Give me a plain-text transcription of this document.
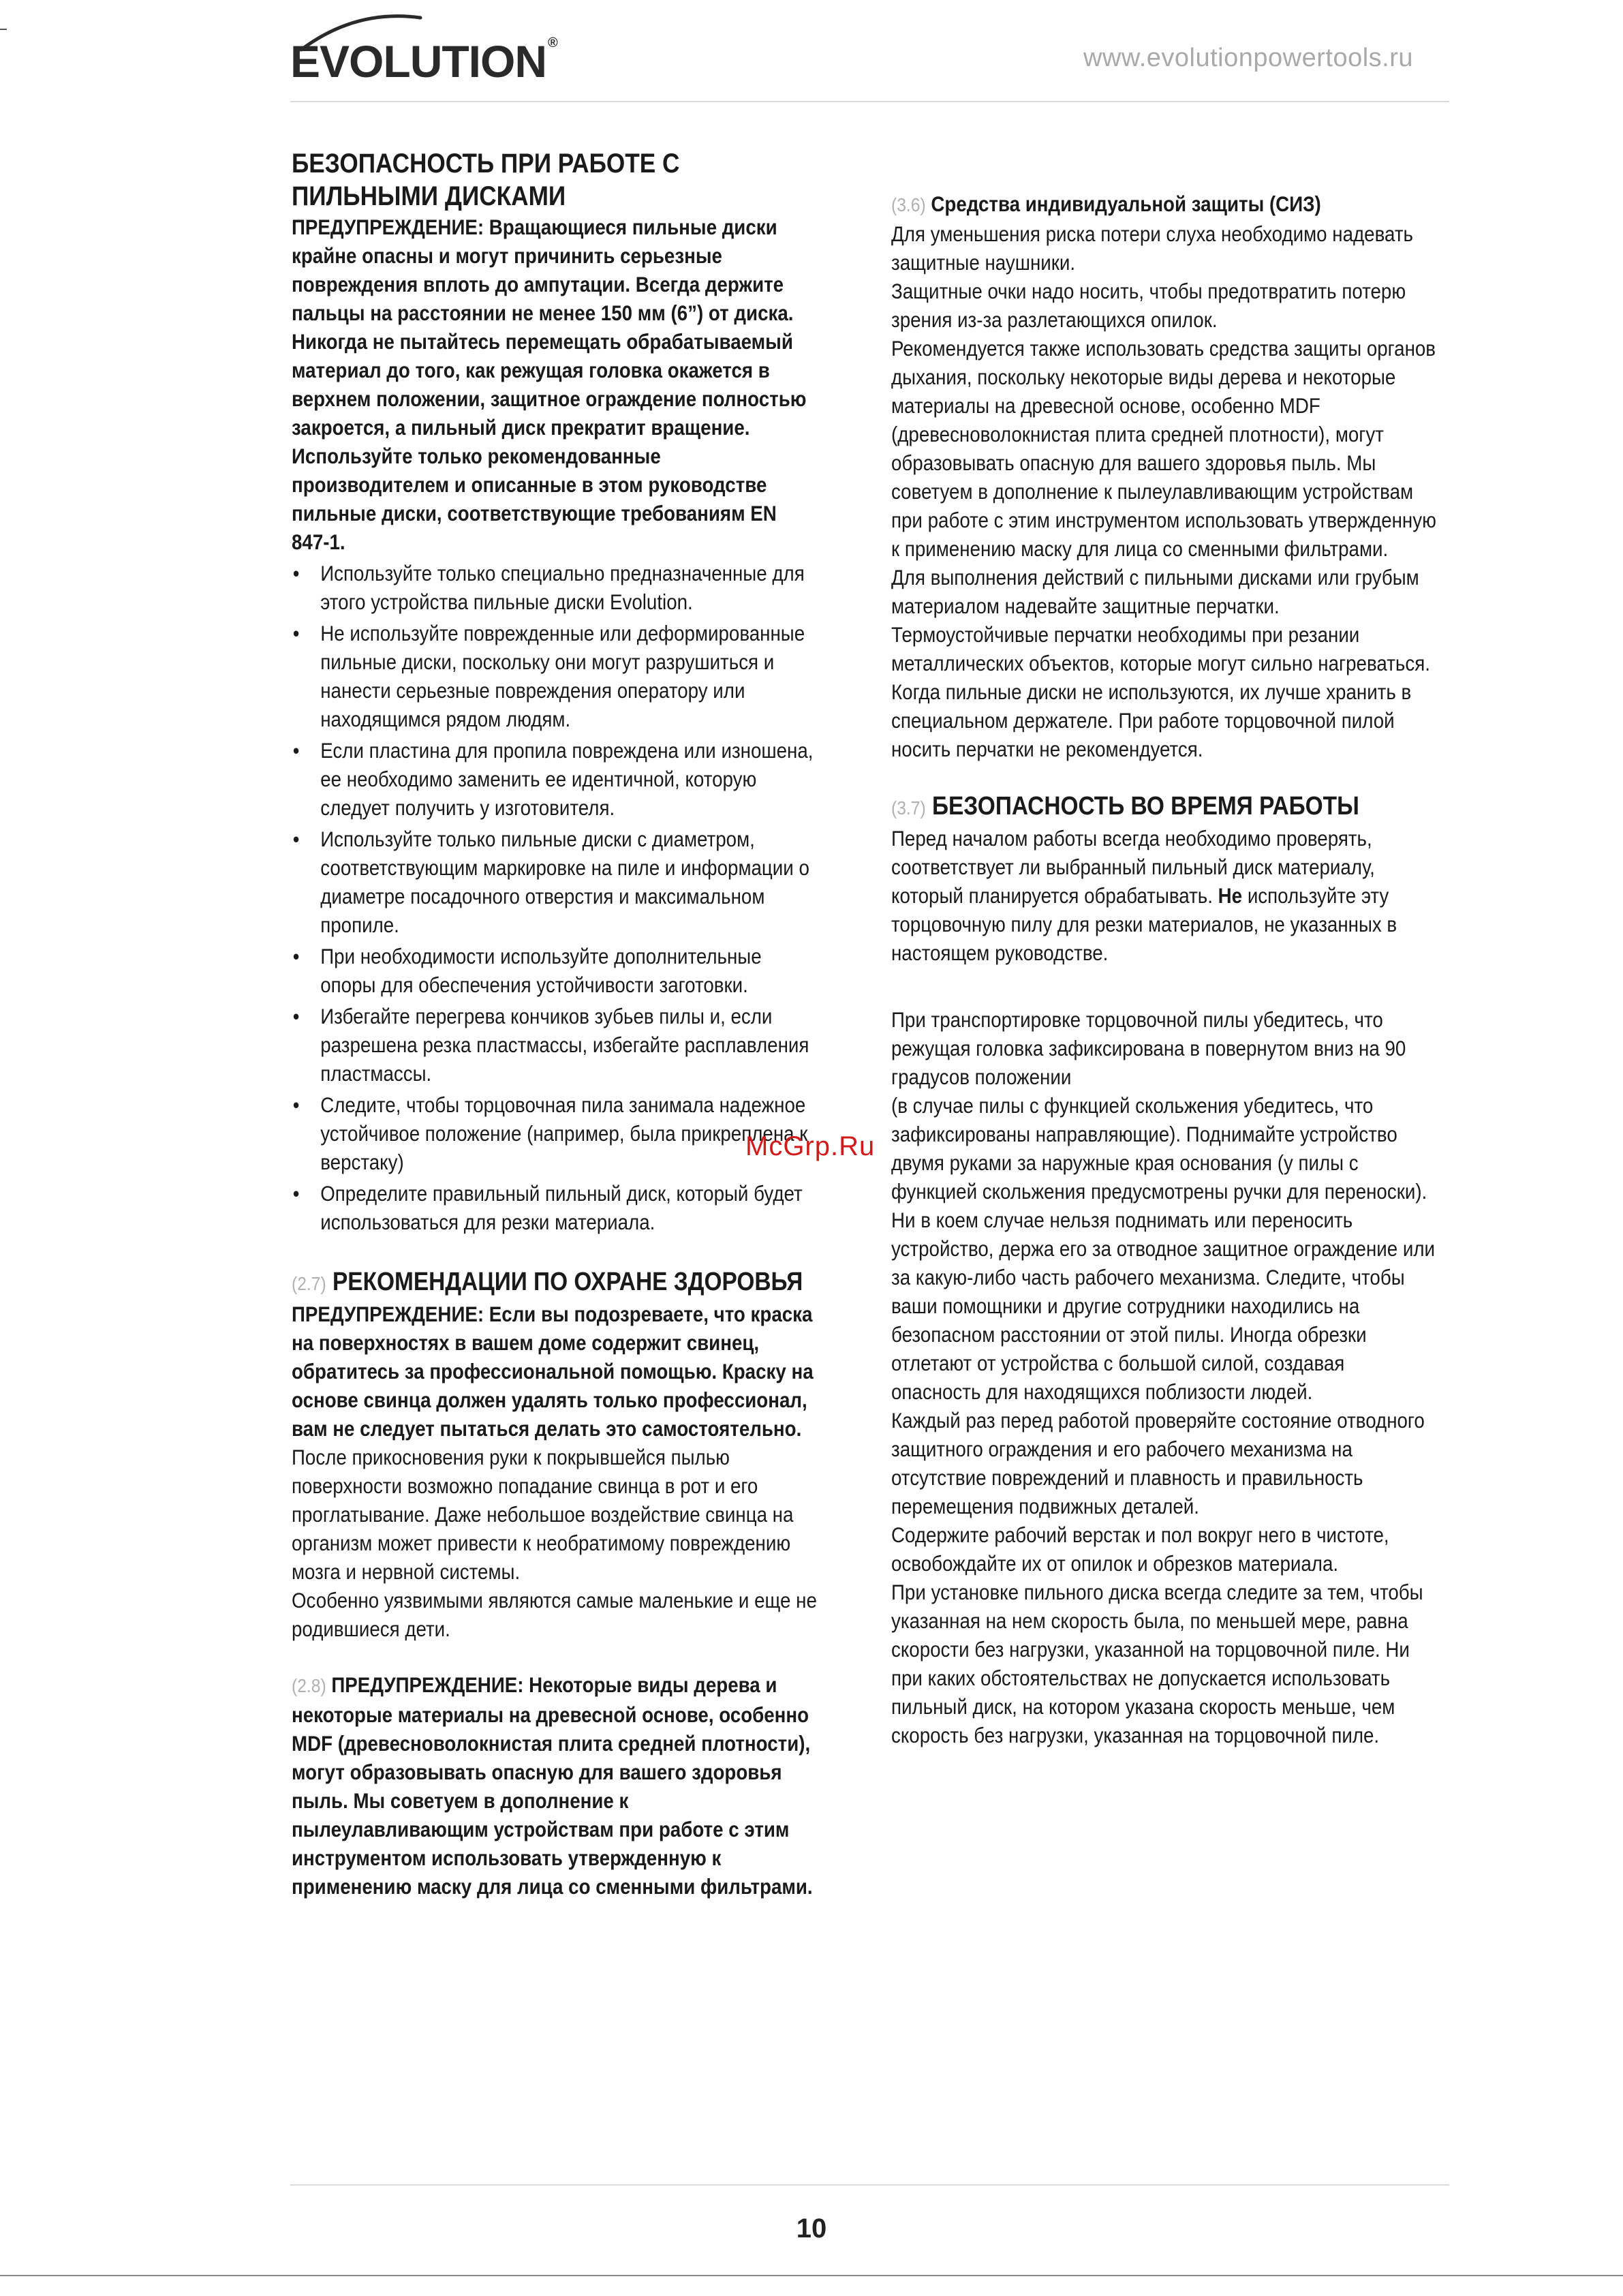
EVOLUTION ®
www.evolutionpowertools.ru

БЕЗОПАСНОСТЬ ПРИ РАБОТЕ С ПИЛЬНЫМИ ДИСКАМИ

ПРЕДУПРЕЖДЕНИЕ: Вращающиеся пильные диски крайне опасны и могут причинить серьезные повреждения вплоть до ампутации. Всегда держите пальцы на расстоянии не менее 150 мм (6”) от диска. Никогда не пытайтесь перемещать обрабатываемый материал до того, как режущая головка окажется в верхнем положении, защитное ограждение полностью закроется, а пильный диск прекратит вращение. Используйте только рекомендованные производителем и описанные в этом руководстве пильные диски, соответствующие требованиям EN 847-1.

• Используйте только специально предназначенные для этого устройства пильные диски Evolution.
• Не используйте поврежденные или деформированные пильные диски, поскольку они могут разрушиться и нанести серьезные повреждения оператору или находящимся рядом людям.
• Если пластина для пропила повреждена или изношена, ее необходимо заменить ее идентичной, которую следует получить у изготовителя.
• Используйте только пильные диски с диаметром, соответствующим маркировке на пиле и информации о диаметре посадочного отверстия и максимальном пропиле.
• При необходимости используйте дополнительные опоры для обеспечения устойчивости заготовки.
• Избегайте перегрева кончиков зубьев пилы и, если разрешена резка пластмассы, избегайте расплавления пластмассы.
• Следите, чтобы торцовочная пила занимала надежное устойчивое положение (например, была прикреплена к верстаку)
• Определите правильный пильный диск, который будет использоваться для резки материала.

(2.7) РЕКОМЕНДАЦИИ ПО ОХРАНЕ ЗДОРОВЬЯ

ПРЕДУПРЕЖДЕНИЕ: Если вы подозреваете, что краска на поверхностях в вашем доме содержит свинец, обратитесь за профессиональной помощью. Краску на основе свинца должен удалять только профессионал, вам не следует пытаться делать это самостоятельно.

После прикосновения руки к покрывшейся пылью поверхности возможно попадание свинца в рот и его проглатывание. Даже небольшое воздействие свинца на организм может привести к необратимому повреждению мозга и нервной системы.

Особенно уязвимыми являются самые маленькие и еще не родившиеся дети.

(2.8) ПРЕДУПРЕЖДЕНИЕ: Некоторые виды дерева и некоторые материалы на древесной основе, особенно MDF (древесноволокнистая плита средней плотности), могут образовывать опасную для вашего здоровья пыль. Мы советуем в дополнение к пылеулавливающим устройствам при работе с этим инструментом использовать утвержденную к применению маску для лица со сменными фильтрами.

(3.6) Средства индивидуальной защиты (СИЗ)

Для уменьшения риска потери слуха необходимо надевать защитные наушники.

Защитные очки надо носить, чтобы предотвратить потерю зрения из-за разлетающихся опилок.

Рекомендуется также использовать средства защиты органов дыхания, поскольку некоторые виды дерева и некоторые материалы на древесной основе, особенно MDF (древесноволокнистая плита средней плотности), могут образовывать опасную для вашего здоровья пыль. Мы советуем в дополнение к пылеулавливающим устройствам при работе с этим инструментом использовать утвержденную к применению маску для лица со сменными фильтрами.

Для выполнения действий с пильными дисками или грубым материалом надевайте защитные перчатки. Термоустойчивые перчатки необходимы при резании металлических объектов, которые могут сильно нагреваться. Когда пильные диски не используются, их лучше хранить в специальном держателе. При работе торцовочной пилой носить перчатки не рекомендуется.

(3.7) БЕЗОПАСНОСТЬ ВО ВРЕМЯ РАБОТЫ

Перед началом работы всегда необходимо проверять, соответствует ли выбранный пильный диск материалу, который планируется обрабатывать. Не используйте эту торцовочную пилу для резки материалов, не указанных в настоящем руководстве.

При транспортировке торцовочной пилы убедитесь, что режущая головка зафиксирована в повернутом вниз на 90 градусов положении

(в случае пилы с функцией скольжения убедитесь, что зафиксированы направляющие). Поднимайте устройство двумя руками за наружные края основания (у пилы с функцией скольжения предусмотрены ручки для переноски). Ни в коем случае нельзя поднимать или переносить устройство, держа его за отводное защитное ограждение или за какую-либо часть рабочего механизма. Следите, чтобы ваши помощники и другие сотрудники находились на безопасном расстоянии от этой пилы. Иногда обрезки отлетают от устройства с большой силой, создавая опасность для находящихся поблизости людей.

Каждый раз перед работой проверяйте состояние отводного защитного ограждения и его рабочего механизма на отсутствие повреждений и плавность и правильность перемещения подвижных деталей.

Содержите рабочий верстак и пол вокруг него в чистоте, освобождайте их от опилок и обрезков материала.

При установке пильного диска всегда следите за тем, чтобы указанная на нем скорость была, по меньшей мере, равна скорости без нагрузки, указанной на торцовочной пиле. Ни при каких обстоятельствах не допускается использовать пильный диск, на котором указана скорость меньше, чем скорость без нагрузки, указанная на торцовочной пиле.

McGrp.Ru
10
